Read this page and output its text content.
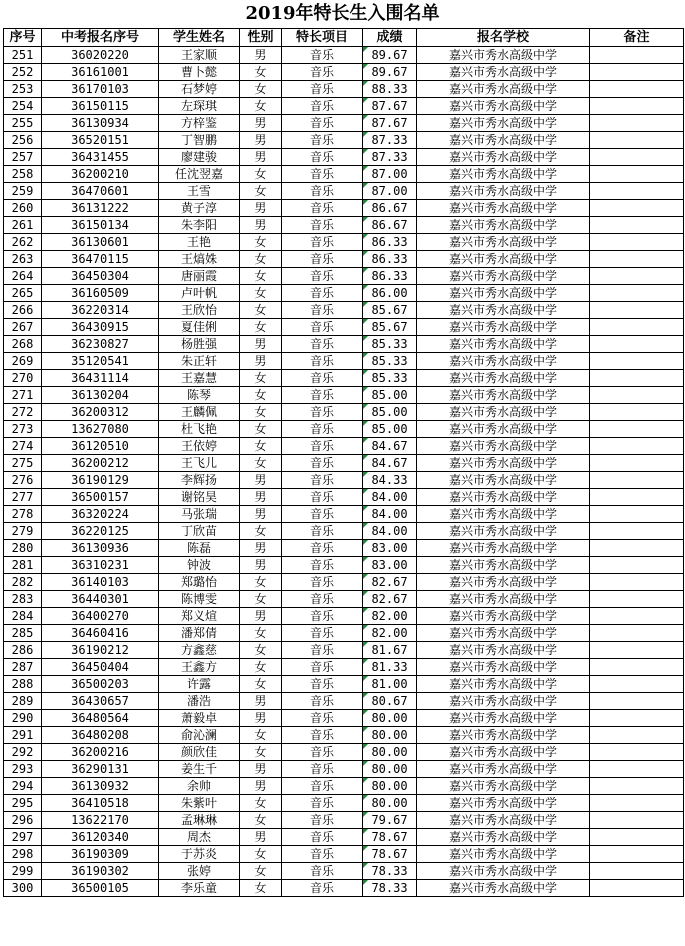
2019年特长生入围名单
序号	中考报名序号	学生姓名	性别	特长项目	成绩	报名学校	备注
251	36020220	王家顺	男	音乐	89.67	嘉兴市秀水高级中学	
252	36161001	曹卜懿	女	音乐	89.67	嘉兴市秀水高级中学	
253	36170103	石梦婷	女	音乐	88.33	嘉兴市秀水高级中学	
254	36150115	左琛琪	女	音乐	87.67	嘉兴市秀水高级中学	
255	36130934	方梓鉴	男	音乐	87.67	嘉兴市秀水高级中学	
256	36520151	丁智鹏	男	音乐	87.33	嘉兴市秀水高级中学	
257	36431455	廖建骏	男	音乐	87.33	嘉兴市秀水高级中学	
258	36200210	任沈翌嘉	女	音乐	87.00	嘉兴市秀水高级中学	
259	36470601	王雪	女	音乐	87.00	嘉兴市秀水高级中学	
260	36131222	黄子淳	男	音乐	86.67	嘉兴市秀水高级中学	
261	36150134	朱李阳	男	音乐	86.67	嘉兴市秀水高级中学	
262	36130601	王艳	女	音乐	86.33	嘉兴市秀水高级中学	
263	36470115	王熇姝	女	音乐	86.33	嘉兴市秀水高级中学	
264	36450304	唐丽霞	女	音乐	86.33	嘉兴市秀水高级中学	
265	36160509	卢叶帆	女	音乐	86.00	嘉兴市秀水高级中学	
266	36220314	王欣怡	女	音乐	85.67	嘉兴市秀水高级中学	
267	36430915	夏佳俐	女	音乐	85.67	嘉兴市秀水高级中学	
268	36230827	杨胜强	男	音乐	85.33	嘉兴市秀水高级中学	
269	35120541	朱正轩	男	音乐	85.33	嘉兴市秀水高级中学	
270	36431114	王嘉慧	女	音乐	85.33	嘉兴市秀水高级中学	
271	36130204	陈琴	女	音乐	85.00	嘉兴市秀水高级中学	
272	36200312	王麟佩	女	音乐	85.00	嘉兴市秀水高级中学	
273	13627080	杜飞艳	女	音乐	85.00	嘉兴市秀水高级中学	
274	36120510	王依婷	女	音乐	84.67	嘉兴市秀水高级中学	
275	36200212	王飞儿	女	音乐	84.67	嘉兴市秀水高级中学	
276	36190129	李辉扬	男	音乐	84.33	嘉兴市秀水高级中学	
277	36500157	谢铭昊	男	音乐	84.00	嘉兴市秀水高级中学	
278	36320224	马张瑞	男	音乐	84.00	嘉兴市秀水高级中学	
279	36220125	丁欣苗	女	音乐	84.00	嘉兴市秀水高级中学	
280	36130936	陈磊	男	音乐	83.00	嘉兴市秀水高级中学	
281	36310231	钟波	男	音乐	83.00	嘉兴市秀水高级中学	
282	36140103	郑璐怡	女	音乐	82.67	嘉兴市秀水高级中学	
283	36440301	陈博雯	女	音乐	82.67	嘉兴市秀水高级中学	
284	36400270	郑义煊	男	音乐	82.00	嘉兴市秀水高级中学	
285	36460416	潘郑倩	女	音乐	82.00	嘉兴市秀水高级中学	
286	36190212	方鑫慈	女	音乐	81.67	嘉兴市秀水高级中学	
287	36450404	王鑫方	女	音乐	81.33	嘉兴市秀水高级中学	
288	36500203	许露	女	音乐	81.00	嘉兴市秀水高级中学	
289	36430657	潘浩	男	音乐	80.67	嘉兴市秀水高级中学	
290	36480564	萧毅卓	男	音乐	80.00	嘉兴市秀水高级中学	
291	36480208	俞沁澜	女	音乐	80.00	嘉兴市秀水高级中学	
292	36200216	颜欣佳	女	音乐	80.00	嘉兴市秀水高级中学	
293	36290131	姜生千	男	音乐	80.00	嘉兴市秀水高级中学	
294	36130932	余帅	男	音乐	80.00	嘉兴市秀水高级中学	
295	36410518	朱紫叶	女	音乐	80.00	嘉兴市秀水高级中学	
296	13622170	孟琳琳	女	音乐	79.67	嘉兴市秀水高级中学	
297	36120340	周杰	男	音乐	78.67	嘉兴市秀水高级中学	
298	36190309	于苏炎	女	音乐	78.67	嘉兴市秀水高级中学	
299	36190302	张婷	女	音乐	78.33	嘉兴市秀水高级中学	
300	36500105	李乐童	女	音乐	78.33	嘉兴市秀水高级中学	
